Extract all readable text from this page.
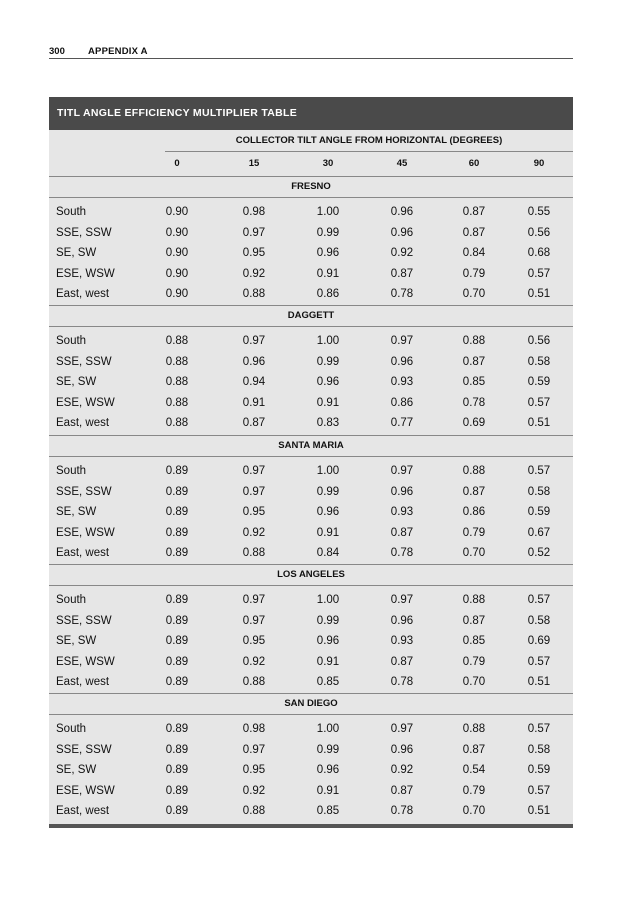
300 APPENDIX A
TITL ANGLE EFFICIENCY MULTIPLIER TABLE
COLLECTOR TILT ANGLE FROM HORIZONTAL (DEGREES)
0	15	30	45	60	90
FRESNO
South	0.90	0.98	1.00	0.96	0.87	0.55
SSE, SSW	0.90	0.97	0.99	0.96	0.87	0.56
SE, SW	0.90	0.95	0.96	0.92	0.84	0.68
ESE, WSW	0.90	0.92	0.91	0.87	0.79	0.57
East, west	0.90	0.88	0.86	0.78	0.70	0.51
DAGGETT
South	0.88	0.97	1.00	0.97	0.88	0.56
SSE, SSW	0.88	0.96	0.99	0.96	0.87	0.58
SE, SW	0.88	0.94	0.96	0.93	0.85	0.59
ESE, WSW	0.88	0.91	0.91	0.86	0.78	0.57
East, west	0.88	0.87	0.83	0.77	0.69	0.51
SANTA MARIA
South	0.89	0.97	1.00	0.97	0.88	0.57
SSE, SSW	0.89	0.97	0.99	0.96	0.87	0.58
SE, SW	0.89	0.95	0.96	0.93	0.86	0.59
ESE, WSW	0.89	0.92	0.91	0.87	0.79	0.67
East, west	0.89	0.88	0.84	0.78	0.70	0.52
LOS ANGELES
South	0.89	0.97	1.00	0.97	0.88	0.57
SSE, SSW	0.89	0.97	0.99	0.96	0.87	0.58
SE, SW	0.89	0.95	0.96	0.93	0.85	0.69
ESE, WSW	0.89	0.92	0.91	0.87	0.79	0.57
East, west	0.89	0.88	0.85	0.78	0.70	0.51
SAN DIEGO
South	0.89	0.98	1.00	0.97	0.88	0.57
SSE, SSW	0.89	0.97	0.99	0.96	0.87	0.58
SE, SW	0.89	0.95	0.96	0.92	0.54	0.59
ESE, WSW	0.89	0.92	0.91	0.87	0.79	0.57
East, west	0.89	0.88	0.85	0.78	0.70	0.51
